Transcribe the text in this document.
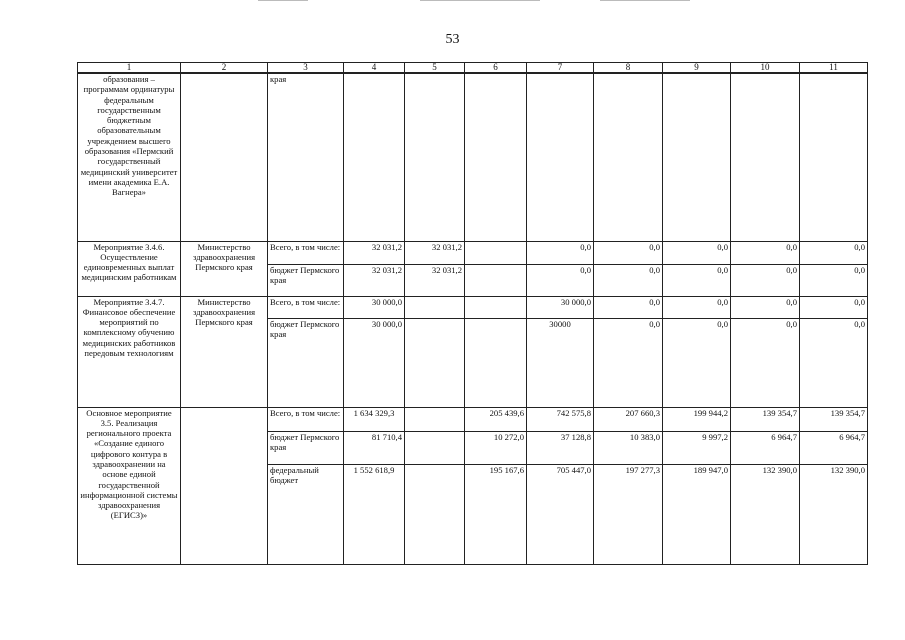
53
1	2	3	4	5	6	7	8	9	10	11
образования – программам ординатуры федеральным государственным бюджетным образовательным учреждением высшего образования «Пермский государственный медицинский университет имени академика Е.А. Вагнера»		края								
Мероприятие 3.4.6. Осуществление единовременных выплат медицинским работникам	Министерство здравоохранения Пермского края	Всего, в том числе:	32 031,2	32 031,2		0,0	0,0	0,0	0,0	0,0
		бюджет Пермского края	32 031,2	32 031,2		0,0	0,0	0,0	0,0	0,0
Мероприятие 3.4.7. Финансовое обеспечение мероприятий по комплексному обучению медицинских работников передовым технологиям	Министерство здравоохранения Пермского края	Всего, в том числе:	30 000,0			30 000,0	0,0	0,0	0,0	0,0
		бюджет Пермского края	30 000,0			30000	0,0	0,0	0,0	0,0
Основное мероприятие 3.5. Реализация регионального проекта «Создание единого цифрового контура в здравоохранении на основе единой государственной информационной системы здравоохранения (ЕГИСЗ)»		Всего, в том числе:	1 634 329,3		205 439,6	742 575,8	207 660,3	199 944,2	139 354,7	139 354,7
		бюджет Пермского края	81 710,4		10 272,0	37 128,8	10 383,0	9 997,2	6 964,7	6 964,7
		федеральный бюджет	1 552 618,9		195 167,6	705 447,0	197 277,3	189 947,0	132 390,0	132 390,0
